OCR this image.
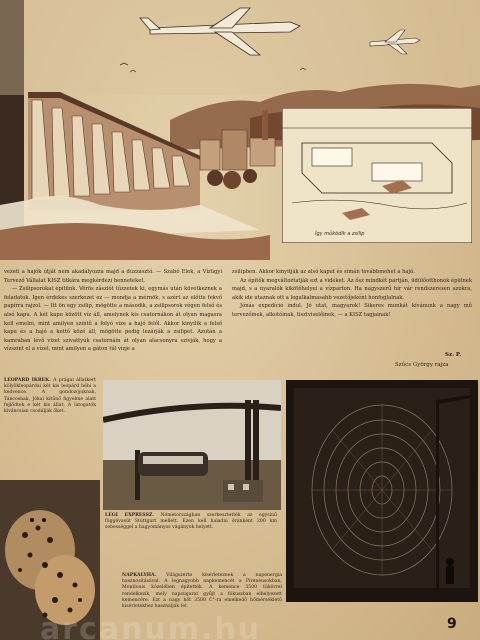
Így működik a zsilip

vezeti a hajók útját nem akadályozza majd a duzzasztó. — Szabó Elek, a Vízügyi Tervező Vállalat KISZ titkára megkérdezi benneteket.

— Zsilipsorokat építünk. Vörös zászlót tűzzetek ki, egymás után következnek a feladatok. Igen érdekes szerkezet ez — mondja a mérnök, s azért az előtte fekvő papírra rajzol. — Itt ön egy zsilip, mögötte a második, a zsilipsorok végen felső és alsó kapu. A két kapu között víz áll, amelynek kis csatornákon át olyan magasra kell emelni, mint amilyen szintű a folyó vize a hajó felől. Akkor kinyílik a felső kapu és a hajó a kettő közé áll, mögötte pedig lezárják a zsilipet. Azután a kamrában lévő vizet szivattyúk csatornáin át olyan alacsonyra szívják, hogy a vízszint el a vízel, mint amilyen a gáton túl vízje a

zsilipben. Akkor kinyitják az alsó kaput és simán továbbmehet a hajó.

Az építők megváltoztatják ezt a vidéket. Az ősz mindkét partján, üdülőotthonok épülnek majd, s a nyaralók kikötőhelyei a vízparton. Ha nagyszerű hír vár rendszeresen azokra, akik ide utaznak ott a legalkalmasabb vezetőjeként honfoglalnak.

Jónás expedíció indul. Jó utat, magyarok! Sikeres munkát kívánunk a nagy mű tervezőinek, alkotóinak, tisztviselőinek, — a KISZ tagjainak!

Sz. P.
Szűcs György rajza
LEOPÁRD IKREK. A prágai állatkert kölyökleopárdai két kis leopárd bébi a kedvence. A gondozójuknak, Táncosnak, Jókai kitűnő figyelme alatt fejlődtek e két kis állat. A látogatók kíváncsian csodálják őket.
LÉGI EXPRESSZ. Németországban szerkesztették az egysínű függővasút Stuttgart mellett. Ezen kell haladni óránként 200 km sebességgel a hagyományos vágányok helyett.
NAPKALYHA. Világszerte kísérleteznek a napenergia hasznosításával. A legnagyobb napkemencét a Pireneusokban, Montlouis közelében építették. A kemence 3500 tükörrel rendelkezik, mely napsugarat gyűjt a fókuszban elhelyezett kemencére. Ezt a nagy hőt 3500 C°-ra emelkedő hőmérsékletű kísérletekhez használják fel.
9
arcanum.hu
